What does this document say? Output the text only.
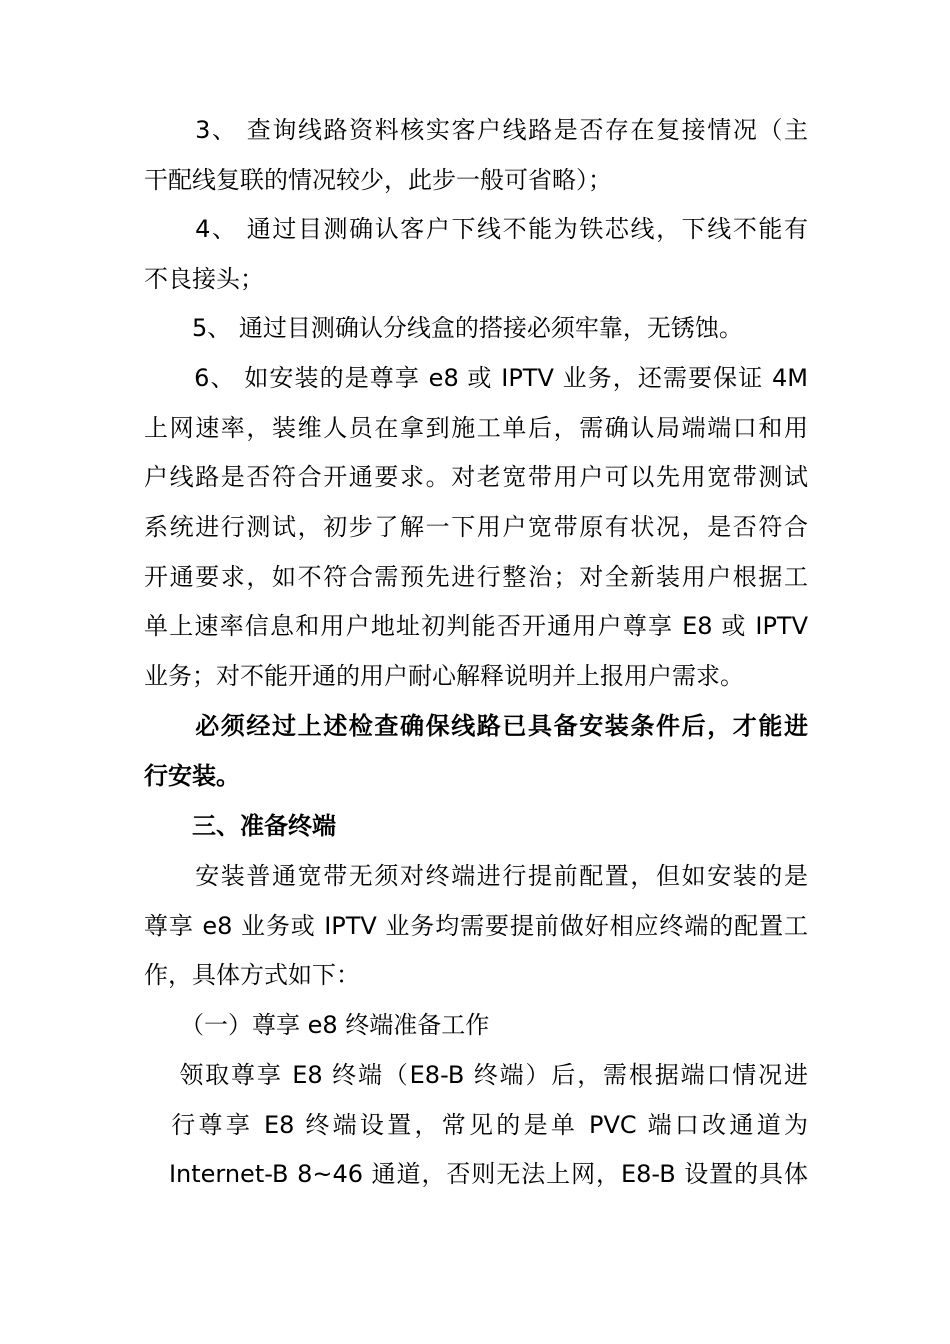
　　3、 查询线路资料核实客户线路是否存在复接情况（主
干配线复联的情况较少，此步一般可省略）；

　　4、 通过目测确认客户下线不能为铁芯线，下线不能有
不良接头；

　　5、 通过目测确认分线盒的搭接必须牢靠，无锈蚀。

　　6、 如安装的是尊享 e8 或 IPTV 业务，还需要保证 4M
上网速率，装维人员在拿到施工单后，需确认局端端口和用
户线路是否符合开通要求。对老宽带用户可以先用宽带测试
系统进行测试，初步了解一下用户宽带原有状况，是否符合
开通要求，如不符合需预先进行整治；对全新装用户根据工
单上速率信息和用户地址初判能否开通用户尊享 E8 或 IPTV
业务；对不能开通的用户耐心解释说明并上报用户需求。

　　必须经过上述检查确保线路已具备安装条件后，才能进
行安装。

　　三、准备终端

　　安装普通宽带无须对终端进行提前配置，但如安装的是
尊享 e8 业务或 IPTV 业务均需要提前做好相应终端的配置工
作，具体方式如下：

　　（一）尊享 e8 终端准备工作

　 领取尊享 E8 终端（E8-B 终端）后，需根据端口情况进
　行尊享 E8 终端设置，常见的是单 PVC 端口改通道为
　Internet-B 8~46 通道，否则无法上网，E8-B 设置的具体
